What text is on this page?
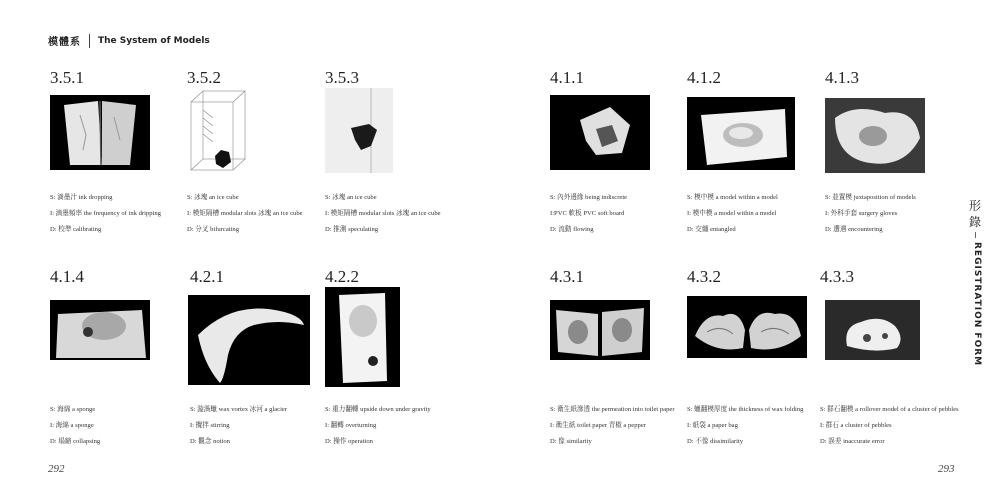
模體系 The System of Models
3.5.1	3.5.2	3.5.3	4.1.1	4.1.2	4.1.3
4.1.4	4.2.1	4.2.2	4.3.1	4.3.2	4.3.3
S: 滴墨汁 ink dropping
I: 滴墨頻率 the frequency of ink dripping
D: 校準 calibrating
S: 冰塊 an ice cube
I: 模矩隔槽 modular slots 冰塊 an ice cube
D: 分叉 bifurcating
S: 冰塊 an ice cube
I: 模矩隔槽 modular slots 冰塊 an ice cube
D: 推測 speculating
S: 內外邊緣 being indiscrete
I:PVC 軟板 PVC soft board
D: 流動 flowing
S: 模中模 a model within a model
I: 模中模 a model within a model
D: 交纏 entangled
S: 並置模 juxtaposition of models
I: 外科手套 surgery gloves
D: 遭遇 encountering
S: 海綿 a sponge
I: 海綿 a sponge
D: 塌縮 collapsing
S: 漩渦蠟 wax vortex 冰河 a glacier
I: 攪拌 stirring
D: 觀念 notion
S: 重力翻轉 upside down under gravity
I: 翻轉 overturning
D: 操作 operation
S: 衛生紙滲透 the permeation into toilet paper
I: 衛生紙 toilet paper 青椒 a pepper
D: 像 similarity
S: 蠟翻模厚度 the thickness of wax folding
I: 紙袋 a paper bag
D: 不像 dissimilarity
S: 群石翻模 a rollover model of a cluster of pebbles
I: 群石 a cluster of pebbles
D: 誤差 inaccurate error
形
錄
REGISTRATION FORM
292	293
